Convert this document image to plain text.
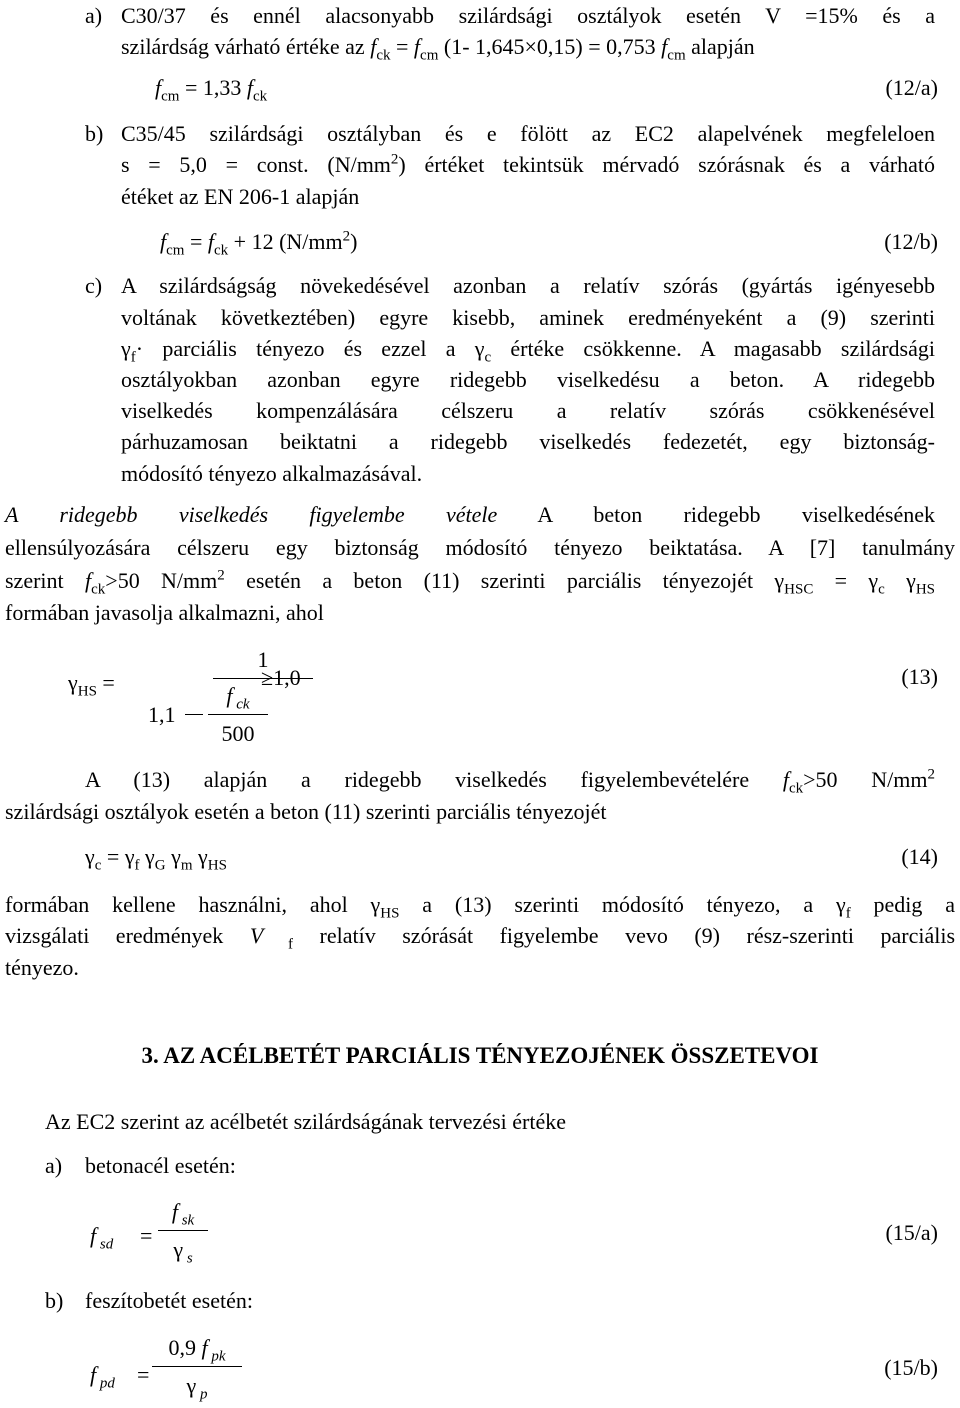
a) C30/37 és ennél alacsonyabb szilárdsági osztályok esetén V =15% és a
szilárdság várható értéke az $f_{ck} = f_{cm}$ (1- 1,645×0,15) = 0,753 $f_{cm}$ alapján
$f_{cm} = 1,33$ $f_{ck}$	(12/a)
b) C35/45 szilárdsági osztályban és e fölött az EC2 alapelvének megfeleloen
s = 5,0 = const. $(N/mm^2)$ értéket tekintsük mérvadó szórásnak és a várható
étéket az EN 206-1 alapján
$f_{cm} = f_{ck} + 12$ $(N/mm^2)$	(12/b)
c) A szilárdságság növekedésével azonban a relatív szórás (gyártás igényesebb
voltának következtében) egyre kisebb, aminek eredményeként a (9) szerinti
$\gamma_f\cdot$ parciális tényezo és ezzel a $\gamma_c$ értéke csökkenne. A magasabb szilárdsági
osztályokban azonban egyre ridegebb viselkedésu a beton. A ridegebb
viselkedés kompenzálására célszeru a relatív szórás csökkenésével
párhuzamosan beiktatni a ridegebb viselkedés fedezetét, egy biztonság-
módosító tényezo alkalmazásával.
A ridegebb viselkedés figyelembe vétele A beton ridegebb viselkedésének
ellensúlyozására célszeru egy biztonság módosító tényezo beiktatása. A [7] tanulmány
szerint $f_{ck}>50$ $N/mm^2$ esetén a beton (11) szerinti parciális tényezojét $\gamma_{HSC} = \gamma_c$ $\gamma_{HS}$
formában javasolja alkalmazni, ahol
$\gamma_{HS}$ =
1
1,1
f $_{ck}$
500
≥1,0	(13)
A (13) alapján a ridegebb viselkedés figyelembevételére $f_{ck}>50$ $N/mm^2$
szilárdsági osztályok esetén a beton (11) szerinti parciális tényezojét
$\gamma_c = \gamma_f$ $\gamma_G$ $\gamma_m$ $\gamma_{HS}$	(14)
formában kellene használni, ahol $\gamma_{HS}$ a (13) szerinti módosító tényezo, a $\gamma_f$ pedig a
vizsgálati eredmények V $_f$ relatív szórását figyelembe vevo (9) rész-szerinti parciális
tényezo.
3. AZ ACÉLBETÉT PARCIÁLIS TÉNYEZOJÉNEK ÖSSZETEVOI
Az EC2 szerint az acélbetét szilárdságának tervezési értéke
a) betonacél esetén:
f $_{sd}$ =
f $_{sk}$
γ $_s$
(15/a)
b) feszítobetét esetén:
f $_{pd}$ =
0,9 f $_{pk}$
γ $_p$
(15/b)
